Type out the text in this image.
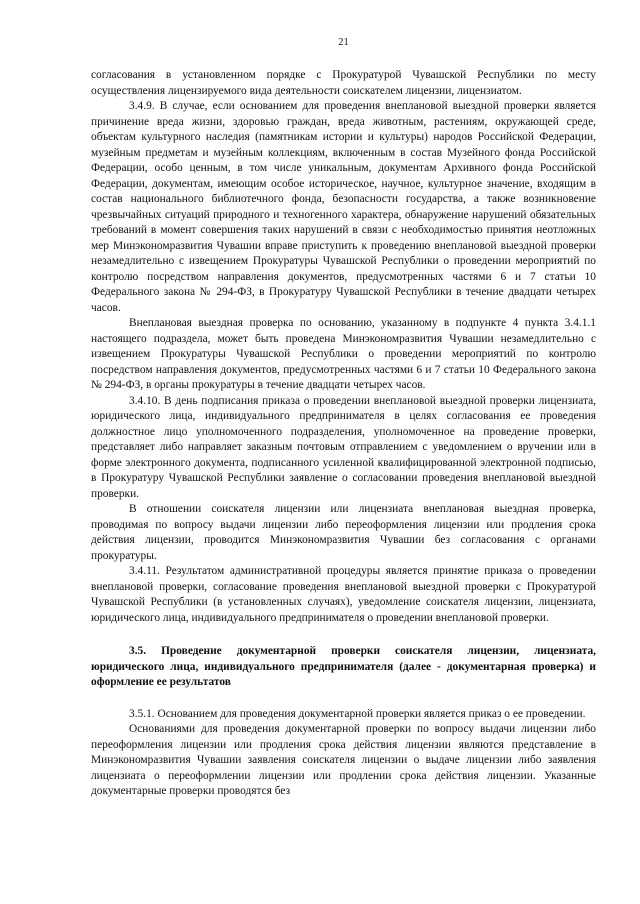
21

согласования в установленном порядке с Прокуратурой Чувашской Республики по месту осуществления лицензируемого вида деятельности соискателем лицензии, лицензиатом.

3.4.9. В случае, если основанием для проведения внеплановой выездной проверки является причинение вреда жизни, здоровью граждан, вреда животным, растениям, окружающей среде, объектам культурного наследия (памятникам истории и культуры) народов Российской Федерации, музейным предметам и музейным коллекциям, включенным в состав Музейного фонда Российской Федерации, особо ценным, в том числе уникальным, документам Архивного фонда Российской Федерации, документам, имеющим особое историческое, научное, культурное значение, входящим в состав национального библиотечного фонда, безопасности государства, а также возникновение чрезвычайных ситуаций природного и техногенного характера, обнаружение нарушений обязательных требований в момент совершения таких нарушений в связи с необходимостью принятия неотложных мер Минэкономразвития Чувашии вправе приступить к проведению внеплановой выездной проверки незамедлительно с извещением Прокуратуры Чувашской Республики о проведении мероприятий по контролю посредством направления документов, предусмотренных частями 6 и 7 статьи 10 Федерального закона № 294-ФЗ, в Прокуратуру Чувашской Республики в течение двадцати четырех часов.

Внеплановая выездная проверка по основанию, указанному в подпункте 4 пункта 3.4.1.1 настоящего подраздела, может быть проведена Минэкономразвития Чувашии незамедлительно с извещением Прокуратуры Чувашской Республики о проведении мероприятий по контролю посредством направления документов, предусмотренных частями 6 и 7 статьи 10 Федерального закона № 294-ФЗ, в органы прокуратуры в течение двадцати четырех часов.

3.4.10. В день подписания приказа о проведении внеплановой выездной проверки лицензиата, юридического лица, индивидуального предпринимателя в целях согласования ее проведения должностное лицо уполномоченного подразделения, уполномоченное на проведение проверки, представляет либо направляет заказным почтовым отправлением с уведомлением о вручении или в форме электронного документа, подписанного усиленной квалифицированной электронной подписью, в Прокуратуру Чувашской Республики заявление о согласовании проведения внеплановой выездной проверки.

В отношении соискателя лицензии или лицензиата внеплановая выездная проверка, проводимая по вопросу выдачи лицензии либо переоформления лицензии или продления срока действия лицензии, проводится Минэкономразвития Чувашии без согласования с органами прокуратуры.

3.4.11. Результатом административной процедуры является принятие приказа о проведении внеплановой проверки, согласование проведения внеплановой выездной проверки с Прокуратурой Чувашской Республики (в установленных случаях), уведомление соискателя лицензии, лицензиата, юридического лица, индивидуального предпринимателя о проведении внеплановой проверки.

3.5. Проведение документарной проверки соискателя лицензии, лицензиата, юридического лица, индивидуального предпринимателя (далее - документарная проверка) и оформление ее результатов

3.5.1. Основанием для проведения документарной проверки является приказ о ее проведении.

Основаниями для проведения документарной проверки по вопросу выдачи лицензии либо переоформления лицензии или продления срока действия лицензии являются представление в Минэкономразвития Чувашии заявления соискателя лицензии о выдаче лицензии либо заявления лицензиата о переоформлении лицензии или продлении срока действия лицензии. Указанные документарные проверки проводятся без
